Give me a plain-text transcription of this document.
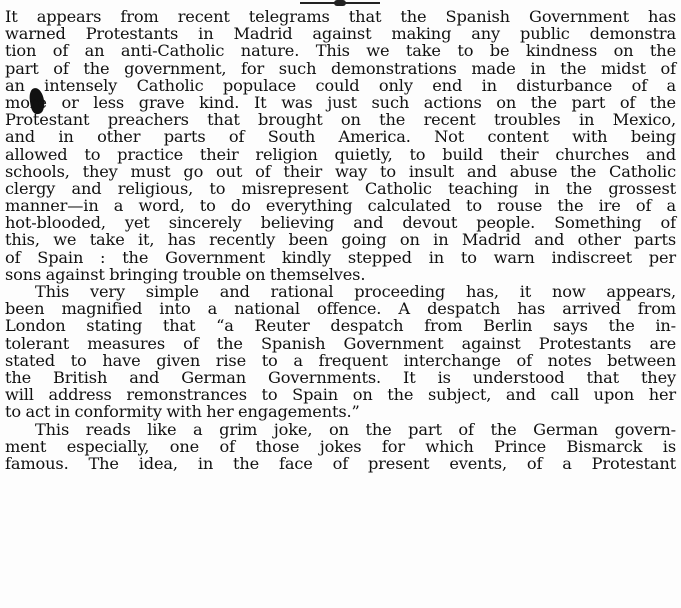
It appears from recent telegrams that the Spanish Government has
warned Protestants in Madrid against making any public demonstra
tion of an anti-Catholic nature. This we take to be kindness on the
part of the government, for such demonstrations made in the midst of
an intensely Catholic populace could only end in disturbance of a
more or less grave kind. It was just such actions on the part of the
Protestant preachers that brought on the recent troubles in Mexico,
and in other parts of South America. Not content with being
allowed to practice their religion quietly, to build their churches and
schools, they must go out of their way to insult and abuse the Catholic
clergy and religious, to misrepresent Catholic teaching in the grossest
manner—in a word, to do everything calculated to rouse the ire of a
hot-blooded, yet sincerely believing and devout people. Something of
this, we take it, has recently been going on in Madrid and other parts
of Spain : the Government kindly stepped in to warn indiscreet per
sons against bringing trouble on themselves.
This very simple and rational proceeding has, it now appears,
been magnified into a national offence. A despatch has arrived from
London stating that “a Reuter despatch from Berlin says the in-
tolerant measures of the Spanish Government against Protestants are
stated to have given rise to a frequent interchange of notes between
the British and German Governments. It is understood that they
will address remonstrances to Spain on the subject, and call upon her
to act in conformity with her engagements.”
This reads like a grim joke, on the part of the German govern-
ment especially, one of those jokes for which Prince Bismarck is
famous. The idea, in the face of present events, of a Protestant
